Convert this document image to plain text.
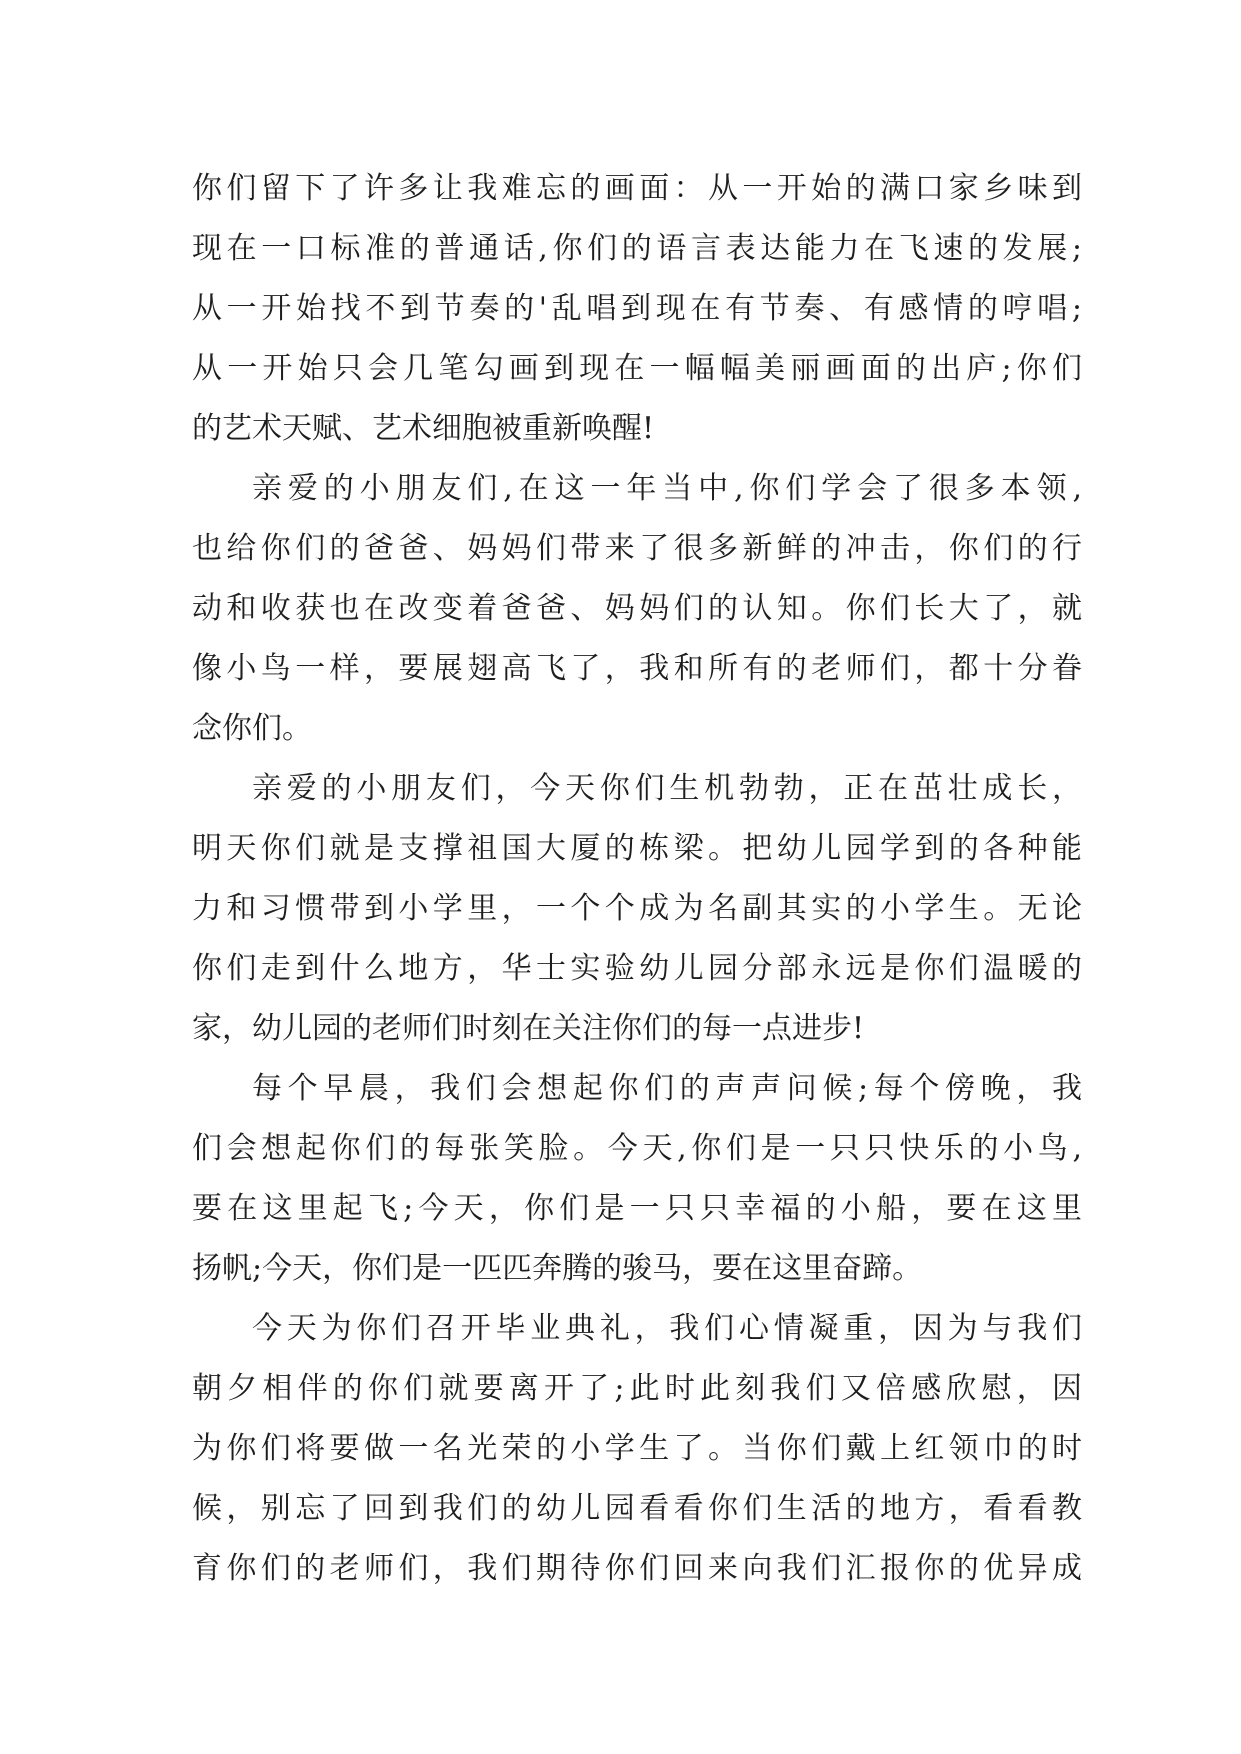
你们留下了许多让我难忘的画面：从一开始的满口家乡味到
现在一口标准的普通话,你们的语言表达能力在飞速的发展;
从一开始找不到节奏的'乱唱到现在有节奏、有感情的哼唱;
从一开始只会几笔勾画到现在一幅幅美丽画面的出庐;你们
的艺术天赋、艺术细胞被重新唤醒!
亲爱的小朋友们,在这一年当中,你们学会了很多本领,
也给你们的爸爸、妈妈们带来了很多新鲜的冲击，你们的行
动和收获也在改变着爸爸、妈妈们的认知。你们长大了，就
像小鸟一样，要展翅高飞了，我和所有的老师们，都十分眷
念你们。
亲爱的小朋友们，今天你们生机勃勃，正在茁壮成长，
明天你们就是支撑祖国大厦的栋梁。把幼儿园学到的各种能
力和习惯带到小学里，一个个成为名副其实的小学生。无论
你们走到什么地方，华士实验幼儿园分部永远是你们温暖的
家，幼儿园的老师们时刻在关注你们的每一点进步!
每个早晨，我们会想起你们的声声问候;每个傍晚，我
们会想起你们的每张笑脸。今天,你们是一只只快乐的小鸟,
要在这里起飞;今天，你们是一只只幸福的小船，要在这里
扬帆;今天，你们是一匹匹奔腾的骏马，要在这里奋蹄。
今天为你们召开毕业典礼，我们心情凝重，因为与我们
朝夕相伴的你们就要离开了;此时此刻我们又倍感欣慰，因
为你们将要做一名光荣的小学生了。当你们戴上红领巾的时
候，别忘了回到我们的幼儿园看看你们生活的地方，看看教
育你们的老师们，我们期待你们回来向我们汇报你的优异成
